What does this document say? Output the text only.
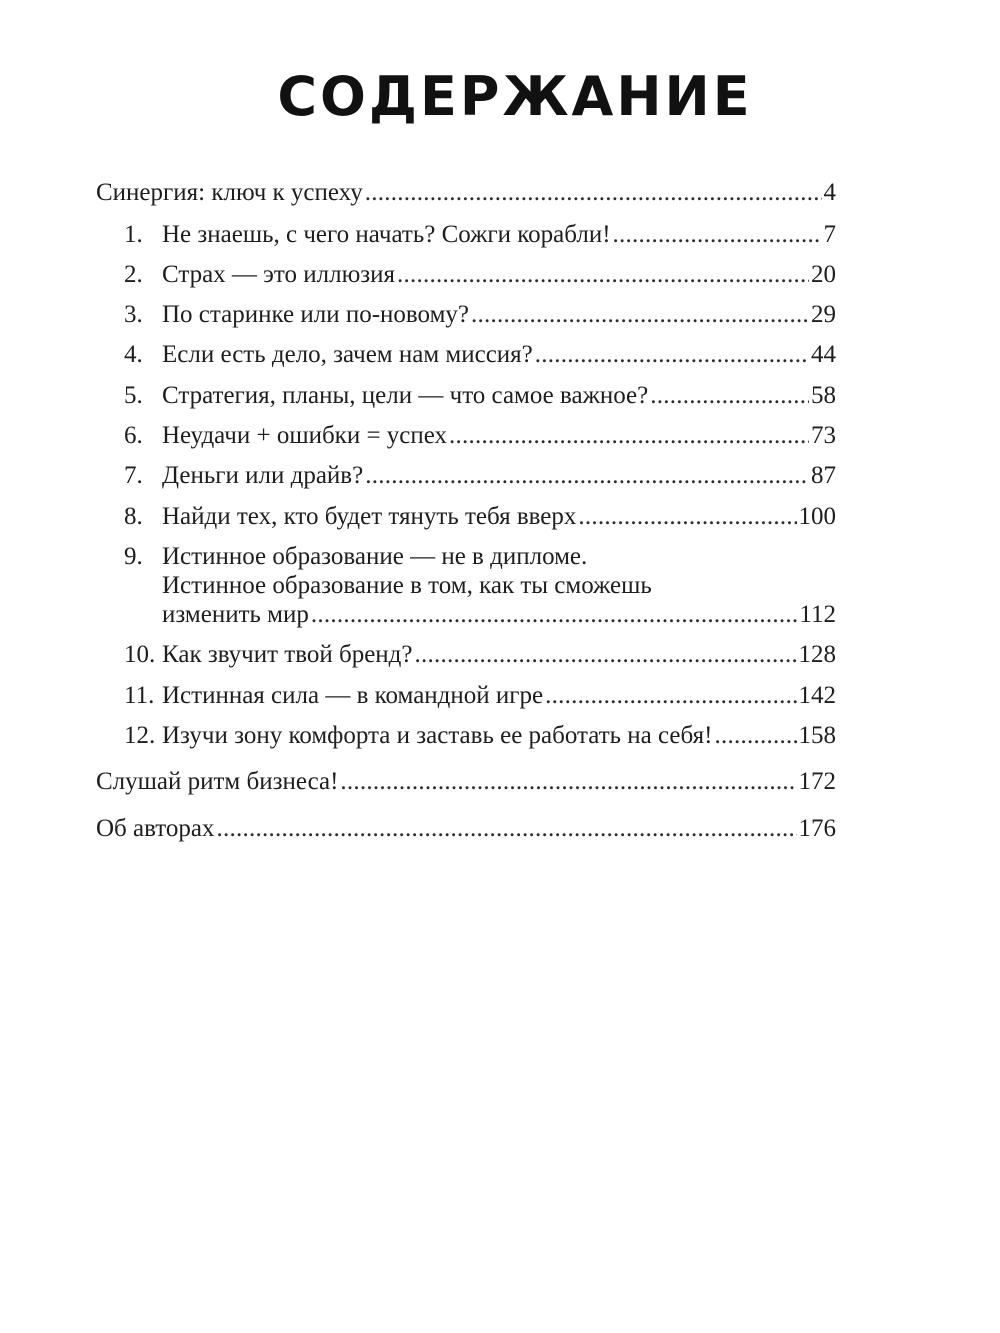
СОДЕРЖАНИЕ
Синергия: ключ к успеху . . .	4
1. Не знаешь, с чего начать? Сожги корабли! . . .	7
2. Страх — это иллюзия . . .	20
3. По старинке или по-новому? . . .	29
4. Если есть дело, зачем нам миссия? . . .	44
5. Стратегия, планы, цели — что самое важное? . . .	58
6. Неудачи + ошибки = успех . . .	73
7. Деньги или драйв? . . .	87
8. Найди тех, кто будет тянуть тебя вверх . . .	100
9. Истинное образование — не в дипломе.
Истинное образование в том, как ты сможешь
изменить мир . . .	112
10. Как звучит твой бренд? . . .	128
11. Истинная сила — в командной игре . . .	142
12. Изучи зону комфорта и заставь ее работать на себя! . . .	158
Слушай ритм бизнеса! . . .	172
Об авторах . . .	176
